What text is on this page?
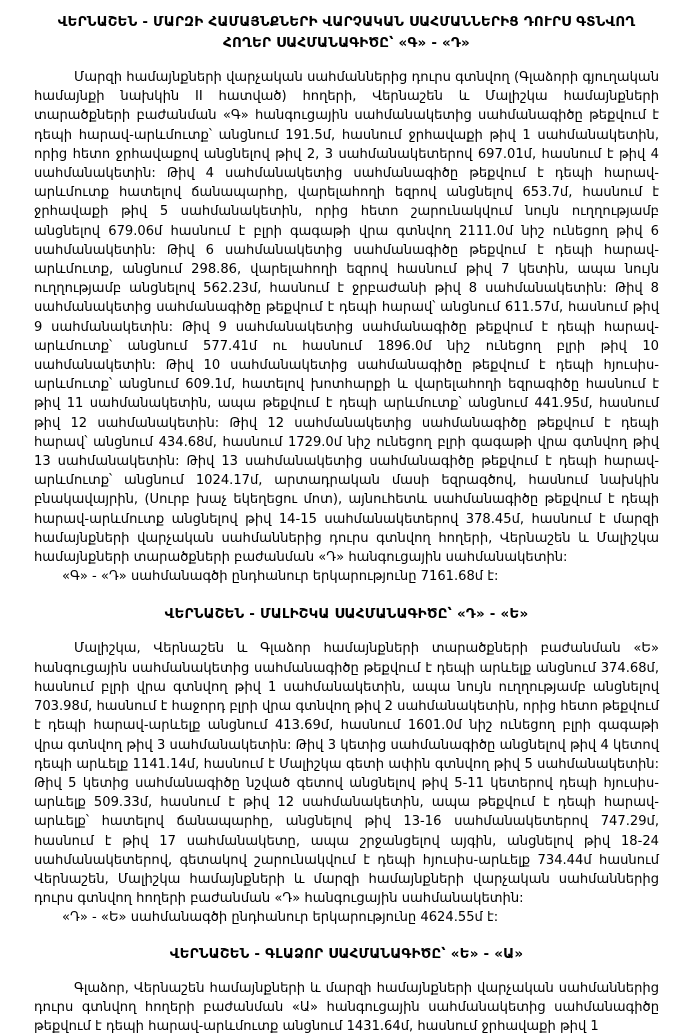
ՎԵՐՆԱՇԵՆ - ՄԱՐԶԻ ՀԱՄԱՅՆՔՆԵՐԻ ՎԱՐՉԱԿԱՆ ՍԱՀՄԱՆՆԵՐԻՑ ԴՈՒՐՍ ԳՏՆՎՈՂ ՀՈՂԵՐ ՍԱՀՄԱՆԱԳԻԾԸ՝ «Գ» - «Դ»

Մարզի համայնքների վարչական սահմաններից դուրս գտնվող (Գլաձորի գյուղական համայնքի նախկին II հատված) հողերի, Վերնաշեն և Մալիշկա համայնքների տարածքների բաժանման «Գ» հանգուցային սահմանակետից սահմանագիծը թեքվում է դեպի հարավ-արևմուտք՝ անցնում 191.5մ, հասնում ջրհավաքի թիվ 1 սահմանակետին, որից հետո ջրհավաքով անցնելով թիվ 2, 3 սահմանակետերով 697.01մ, հասնում է թիվ 4 սահմանակետին: Թիվ 4 սահմանակետից սահմանագիծը թեքվում է դեպի հարավ-արևմուտք հատելով ճանապարհը, վարելահողի եզրով անցնելով 653.7մ, հասնում է ջրհավաքի թիվ 5 սահմանակետին, որից հետո շարունակվում նույն ուղղությամբ անցնելով 679.06մ հասնում է բլրի գագաթի վրա գտնվող 2111.0մ նիշ ունեցող թիվ 6 սահմանակետին: Թիվ 6 սահմանակետից սահմանագիծը թեքվում է դեպի հարավ-արևմուտք, անցնում 298.86, վարելահողի եզրով հասնում թիվ 7 կետին, ապա նույն ուղղությամբ անցնելով 562.23մ, հասնում է ջրբաժանի թիվ 8 սահմանակետին: Թիվ 8 սահմանակետից սահմանագիծը թեքվում է դեպի հարավ՝ անցնում 611.57մ, հասնում թիվ 9 սահմանակետին: Թիվ 9 սահմանակետից սահմանագիծը թեքվում է դեպի հարավ-արևմուտք՝ անցնում 577.41մ ու հասնում 1896.0մ նիշ ունեցող բլրի թիվ 10 սահմանակետին: Թիվ 10 սահմանակետից սահմանագիծը թեքվում է դեպի հյուսիս-արևմուտք՝ անցնում 609.1մ, հատելով խոտհարքի և վարելահողի եզրագիծը հասնում է թիվ 11 սահմանակետին, ապա թեքվում է դեպի արևմուտք՝ անցնում 441.95մ, հասնում թիվ 12 սահմանակետին: Թիվ 12 սահմանակետից սահմանագիծը թեքվում է դեպի հարավ՝ անցնում 434.68մ, հասնում 1729.0մ նիշ ունեցող բլրի գագաթի վրա գտնվող թիվ 13 սահմանակետին: Թիվ 13 սահմանակետից սահմանագիծը թեքվում է դեպի հարավ-արևմուտք՝ անցնում 1024.17մ, արտադրական մասի եզրագծով, հասնում նախկին բնակավայրին, (Սուրբ խաչ եկեղեցու մոտ), այնուհետև սահմանագիծը թեքվում է դեպի հարավ-արևմուտք անցնելով թիվ 14-15 սահմանակետերով 378.45մ, հասնում է մարզի համայնքների վարչական սահմաններից դուրս գտնվող հողերի, Վերնաշեն և Մալիշկա համայնքների տարածքների բաժանման «Դ» հանգուցային սահմանակետին:

«Գ» - «Դ» սահմանագծի ընդհանուր երկարությունը 7161.68մ է:

ՎԵՐՆԱՇԵՆ - ՄԱԼԻՇԿԱ ՍԱՀՄԱՆԱԳԻԾԸ՝ «Դ» - «Ե»

Մալիշկա, Վերնաշեն և Գլաձոր համայնքների տարածքների բաժանման «Ե» հանգուցային սահմանակետից սահմանագիծը թեքվում է դեպի արևելք անցնում 374.68մ, հասնում բլրի վրա գտնվող թիվ 1 սահմանակետին, ապա նույն ուղղությամբ անցնելով 703.98մ, հասնում է հաջորդ բլրի վրա գտնվող թիվ 2 սահմանակետին, որից հետո թեքվում է դեպի հարավ-արևելք անցնում 413.69մ, հասնում 1601.0մ նիշ ունեցող բլրի գագաթի վրա գտնվող թիվ 3 սահմանակետին: Թիվ 3 կետից սահմանագիծը անցնելով թիվ 4 կետով դեպի արևելք 1141.14մ, հասնում է Մալիշկա գետի ափին գտնվող թիվ 5 սահմանակետին: Թիվ 5 կետից սահմանագիծը նշված գետով անցնելով թիվ 5-11 կետերով դեպի հյուսիս-արևելք 509.33մ, հասնում է թիվ 12 սահմանակետին, ապա թեքվում է դեպի հարավ-արևելք՝ հատելով ճանապարհը, անցնելով թիվ 13-16 սահմանակետերով 747.29մ, հասնում է թիվ 17 սահմանակետը, ապա շրջանցելով այգին, անցնելով թիվ 18-24 սահմանակետերով, գետակով շարունակվում է դեպի հյուսիս-արևելք 734.44մ հասնում Վերնաշեն, Մալիշկա համայնքների և մարզի համայնքների վարչական սահմաններից դուրս գտնվող հողերի բաժանման «Դ» հանգուցային սահմանակետին:

«Դ» - «Ե» սահմանագծի ընդհանուր երկարությունը 4624.55մ է:

ՎԵՐՆԱՇԵՆ - ԳԼԱՁՈՐ ՍԱՀՄԱՆԱԳԻԾԸ՝ «Ե» - «Ա»

Գլաձոր, Վերնաշեն համայնքների և մարզի համայնքների վարչական սահմաններից դուրս գտնվող հողերի բաժանման «Ա» հանգուցային սահմանակետից սահմանագիծը թեքվում է դեպի հարավ-արևմուտք անցնում 1431.64մ, հասնում ջրհավաքի թիվ 1
